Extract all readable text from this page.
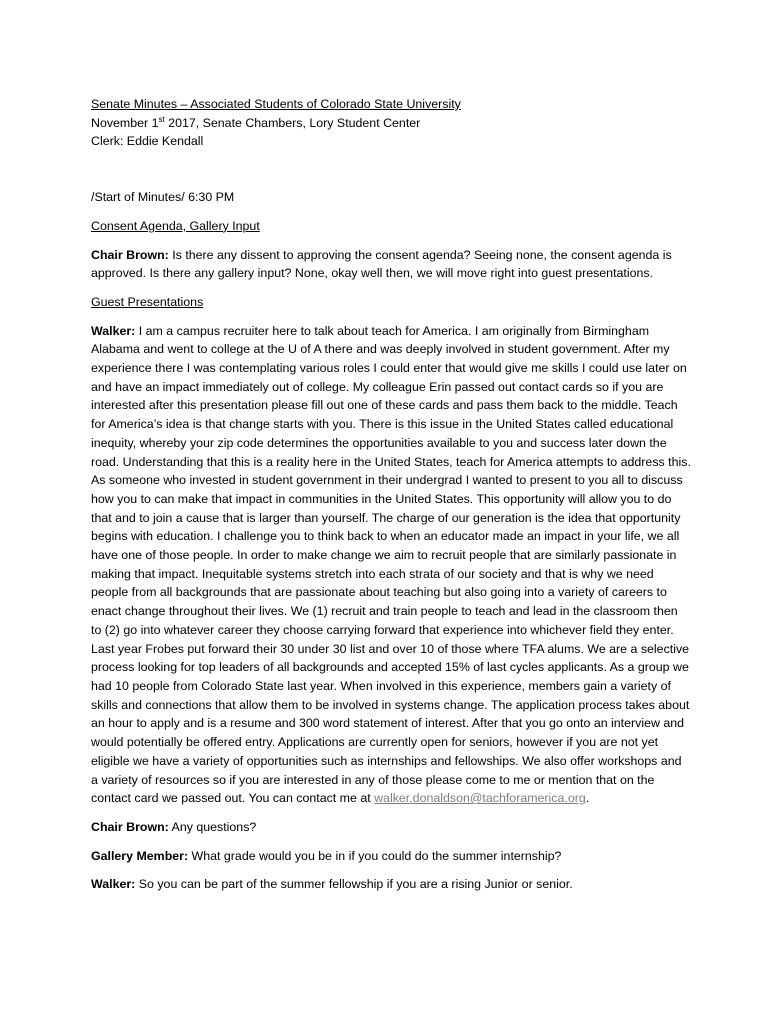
Senate Minutes – Associated Students of Colorado State University
November 1st 2017, Senate Chambers, Lory Student Center
Clerk: Eddie Kendall

/Start of Minutes/ 6:30 PM

Consent Agenda, Gallery Input

Chair Brown: Is there any dissent to approving the consent agenda? Seeing none, the consent agenda is approved. Is there any gallery input? None, okay well then, we will move right into guest presentations.

Guest Presentations

Walker: I am a campus recruiter here to talk about teach for America. I am originally from Birmingham Alabama and went to college at the U of A there and was deeply involved in student government. After my experience there I was contemplating various roles I could enter that would give me skills I could use later on and have an impact immediately out of college. My colleague Erin passed out contact cards so if you are interested after this presentation please fill out one of these cards and pass them back to the middle. Teach for America’s idea is that change starts with you. There is this issue in the United States called educational inequity, whereby your zip code determines the opportunities available to you and success later down the road. Understanding that this is a reality here in the United States, teach for America attempts to address this. As someone who invested in student government in their undergrad I wanted to present to you all to discuss how you to can make that impact in communities in the United States. This opportunity will allow you to do that and to join a cause that is larger than yourself. The charge of our generation is the idea that opportunity begins with education. I challenge you to think back to when an educator made an impact in your life, we all have one of those people. In order to make change we aim to recruit people that are similarly passionate in making that impact. Inequitable systems stretch into each strata of our society and that is why we need people from all backgrounds that are passionate about teaching but also going into a variety of careers to enact change throughout their lives. We (1) recruit and train people to teach and lead in the classroom then to (2) go into whatever career they choose carrying forward that experience into whichever field they enter. Last year Frobes put forward their 30 under 30 list and over 10 of those where TFA alums. We are a selective process looking for top leaders of all backgrounds and accepted 15% of last cycles applicants. As a group we had 10 people from Colorado State last year. When involved in this experience, members gain a variety of skills and connections that allow them to be involved in systems change. The application process takes about an hour to apply and is a resume and 300 word statement of interest. After that you go onto an interview and would potentially be offered entry. Applications are currently open for seniors, however if you are not yet eligible we have a variety of opportunities such as internships and fellowships. We also offer workshops and a variety of resources so if you are interested in any of those please come to me or mention that on the contact card we passed out. You can contact me at walker.donaldson@tachforamerica.org.

Chair Brown: Any questions?

Gallery Member: What grade would you be in if you could do the summer internship?

Walker: So you can be part of the summer fellowship if you are a rising Junior or senior.
